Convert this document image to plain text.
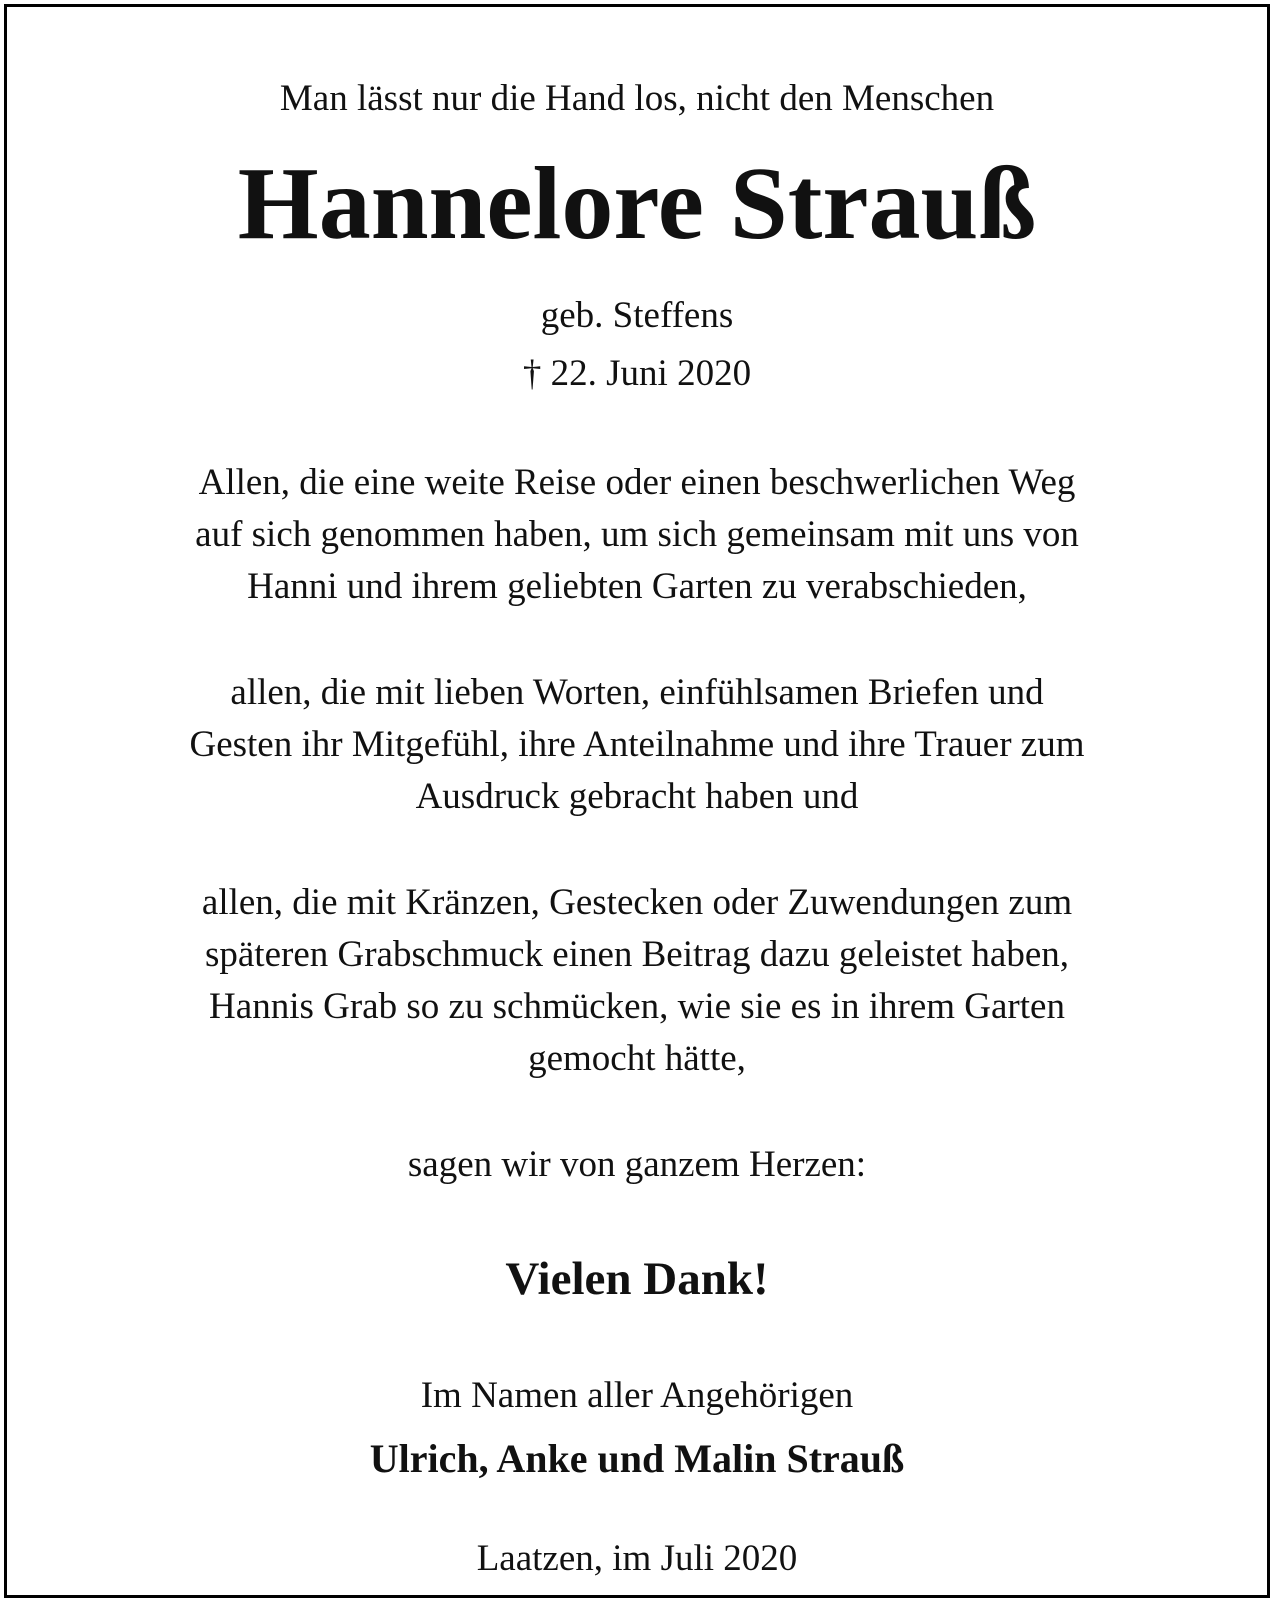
Man lässt nur die Hand los, nicht den Menschen
Hannelore Strauß
geb. Steffens
† 22. Juni 2020
Allen, die eine weite Reise oder einen beschwerlichen Weg
auf sich genommen haben, um sich gemeinsam mit uns von
Hanni und ihrem geliebten Garten zu verabschieden,
allen, die mit lieben Worten, einfühlsamen Briefen und
Gesten ihr Mitgefühl, ihre Anteilnahme und ihre Trauer zum
Ausdruck gebracht haben und
allen, die mit Kränzen, Gestecken oder Zuwendungen zum
späteren Grabschmuck einen Beitrag dazu geleistet haben,
Hannis Grab so zu schmücken, wie sie es in ihrem Garten
gemocht hätte,
sagen wir von ganzem Herzen:
Vielen Dank!
Im Namen aller Angehörigen
Ulrich, Anke und Malin Strauß
Laatzen, im Juli 2020
